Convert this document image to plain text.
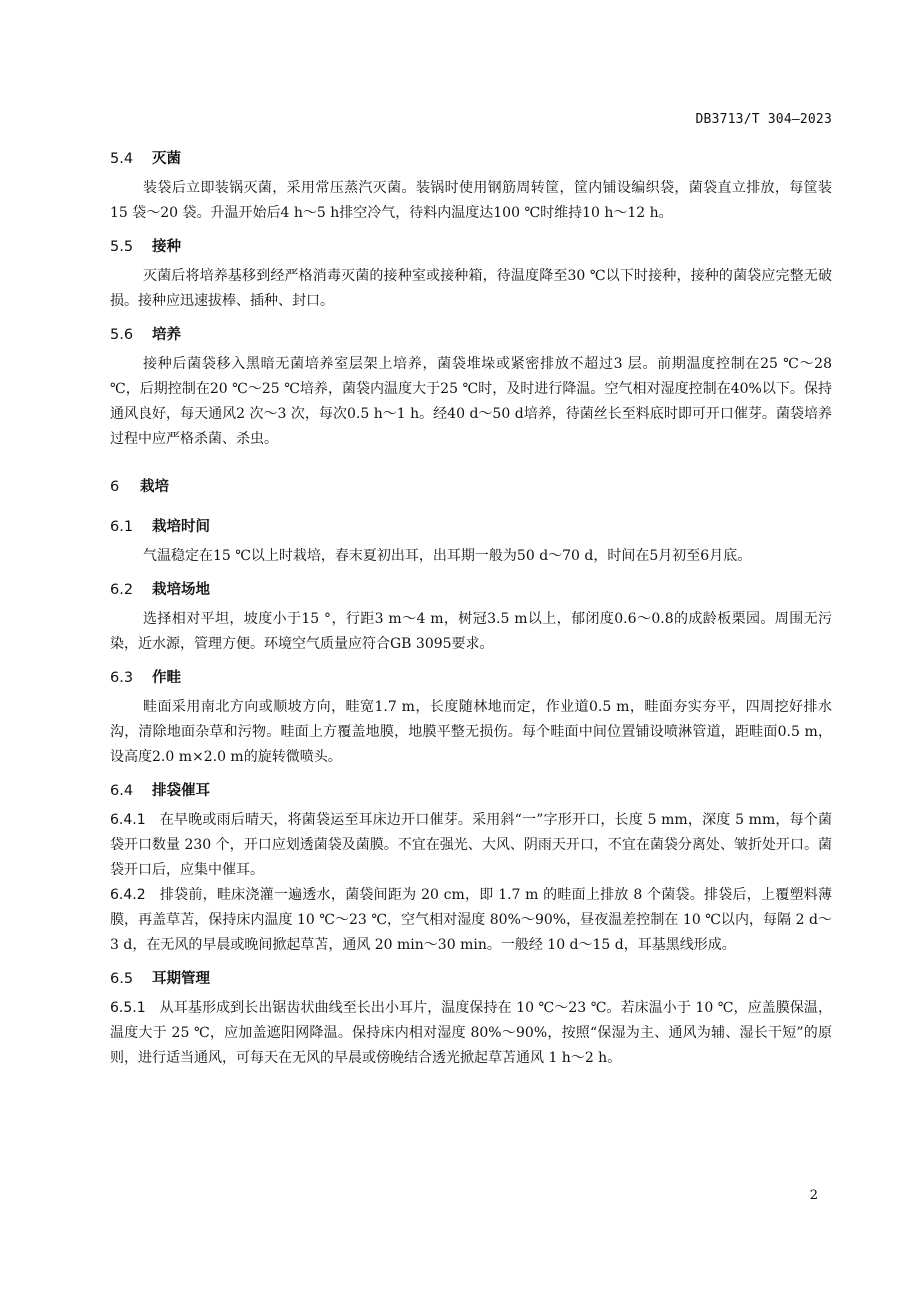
DB3713/T 304—2023
5.4 灭菌

装袋后立即装锅灭菌，采用常压蒸汽灭菌。装锅时使用钢筋周转筐，筐内铺设编织袋，菌袋直立排放，每筐装15 袋～20 袋。升温开始后4 h～5 h排空冷气，待料内温度达100 ℃时维持10 h～12 h。

5.5 接种

灭菌后将培养基移到经严格消毒灭菌的接种室或接种箱，待温度降至30 ℃以下时接种，接种的菌袋应完整无破损。接种应迅速拔棒、插种、封口。

5.6 培养

接种后菌袋移入黑暗无菌培养室层架上培养，菌袋堆垛或紧密排放不超过3 层。前期温度控制在25 ℃～28 ℃，后期控制在20 ℃～25 ℃培养，菌袋内温度大于25 ℃时，及时进行降温。空气相对湿度控制在40%以下。保持通风良好，每天通风2 次～3 次，每次0.5 h～1 h。经40 d～50 d培养，待菌丝长至料底时即可开口催芽。菌袋培养过程中应严格杀菌、杀虫。

6 栽培
6.1 栽培时间

气温稳定在15 ℃以上时栽培，春末夏初出耳，出耳期一般为50 d～70 d，时间在5月初至6月底。

6.2 栽培场地

选择相对平坦，坡度小于15 °，行距3 m～4 m，树冠3.5 m以上，郁闭度0.6～0.8的成龄板栗园。周围无污染，近水源，管理方便。环境空气质量应符合GB 3095要求。

6.3 作畦

畦面采用南北方向或顺坡方向，畦宽1.7 m，长度随林地而定，作业道0.5 m，畦面夯实夯平，四周挖好排水沟，清除地面杂草和污物。畦面上方覆盖地膜，地膜平整无损伤。每个畦面中间位置铺设喷淋管道，距畦面0.5 m，设高度2.0 m×2.0 m的旋转微喷头。

6.4 排袋催耳

6.4.1 在早晚或雨后晴天，将菌袋运至耳床边开口催芽。采用斜“一”字形开口，长度 5 mm，深度 5 mm，每个菌袋开口数量 230 个，开口应划透菌袋及菌膜。不宜在强光、大风、阴雨天开口，不宜在菌袋分离处、皱折处开口。菌袋开口后，应集中催耳。

6.4.2 排袋前，畦床浇灌一遍透水，菌袋间距为 20 cm，即 1.7 m 的畦面上排放 8 个菌袋。排袋后，上覆塑料薄膜，再盖草苫，保持床内温度 10 ℃～23 ℃，空气相对湿度 80%～90%，昼夜温差控制在 10 ℃以内，每隔 2 d～3 d，在无风的早晨或晚间掀起草苫，通风 20 min～30 min。一般经 10 d～15 d，耳基黑线形成。

6.5 耳期管理

6.5.1 从耳基形成到长出锯齿状曲线至长出小耳片，温度保持在 10 ℃～23 ℃。若床温小于 10 ℃，应盖膜保温，温度大于 25 ℃，应加盖遮阳网降温。保持床内相对湿度 80%～90%，按照“保湿为主、通风为辅、湿长干短”的原则，进行适当通风，可每天在无风的早晨或傍晚结合透光掀起草苫通风 1 h～2 h。

2
